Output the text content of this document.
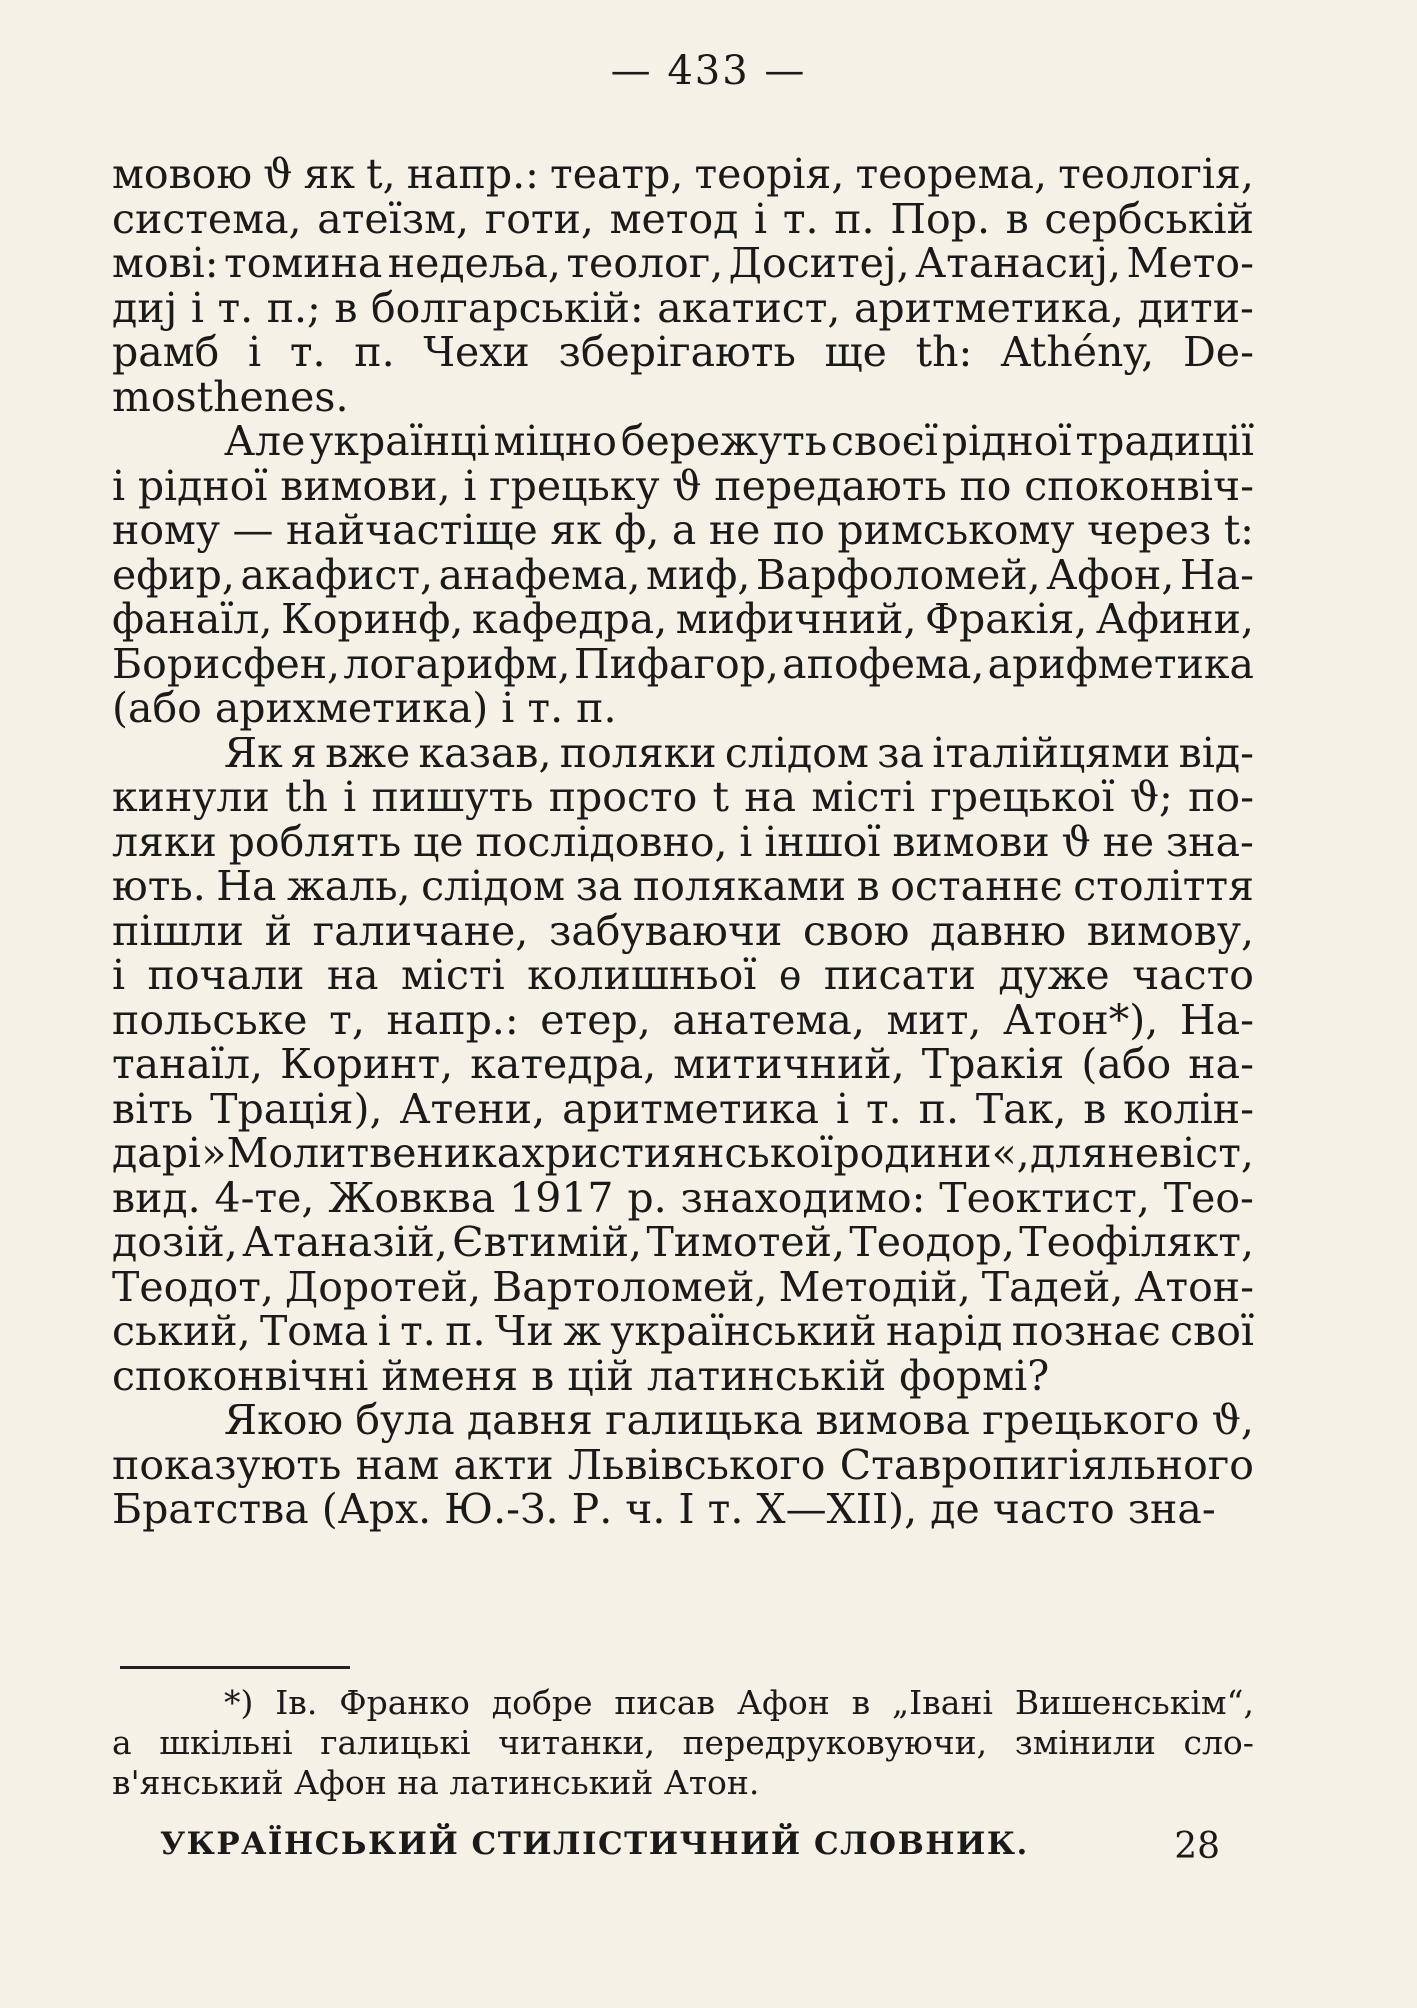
— 433 —
мовою ϑ як t, напр.: театр, теорія, теорема, теологія,
система, атеїзм, готи, метод і т. п. Пор. в сербській
мові: томина недеља, теолог, Доситеј, Атанасиј, Мето-
диј і т. п.; в болгарській: акатист, аритметика, дити-
рамб і т. п. Чехи зберігають ще th: Athény, De-
mosthenes.
Але українці міцно бережуть своєї рідної традиції
і рідної вимови, і грецьку ϑ передають по споконвіч-
ному — найчастіще як ф, а не по римському через t:
ефир, акафист, анафема, миф, Варфоломей, Афон, На-
фанаїл, Коринф, кафедра, мифичний, Фракія, Афини,
Борисфен, логарифм, Пифагор, апофема, арифметика
(або арихметика) і т. п.
Як я вже казав, поляки слідом за італійцями від-
кинули th і пишуть просто t на місті грецької ϑ; по-
ляки роблять це послідовно, і іншої вимови ϑ не зна-
ють. На жаль, слідом за поляками в останнє століття
пішли й галичане, забуваючи свою давню вимову,
і почали на місті колишньої ѳ писати дуже часто
польське т, напр.: етер, анатема, мит, Атон*), На-
танаїл, Коринт, катедра, митичний, Тракія (або на-
віть Трація), Атени, аритметика і т. п. Так, в колін-
дарі »Молитвеника християнської родини«, для невіст,
вид. 4-те, Жовква 1917 р. знаходимо: Теоктист, Тео-
дозій, Атаназій, Євтимій, Тимотей, Теодор, Теофілякт,
Теодот, Доротей, Вартоломей, Методій, Тадей, Атон-
ський, Тома і т. п. Чи ж український нарід познає свої
споконвічні йменя в цій латинській формі?
Якою була давня галицька вимова грецького ϑ,
показують нам акти Львівського Ставропигіяльного
Братства (Арх. Ю.-З. Р. ч. I т. X—XII), де часто зна-
*) Ів. Франко добре писав Афон в „Івані Вишенськім“,
а шкільні галицькі читанки, передруковуючи, змінили сло-
в'янський Афон на латинський Атон.
УКРАЇНСЬКИЙ СТИЛІСТИЧНИЙ СЛОВНИК.	28
